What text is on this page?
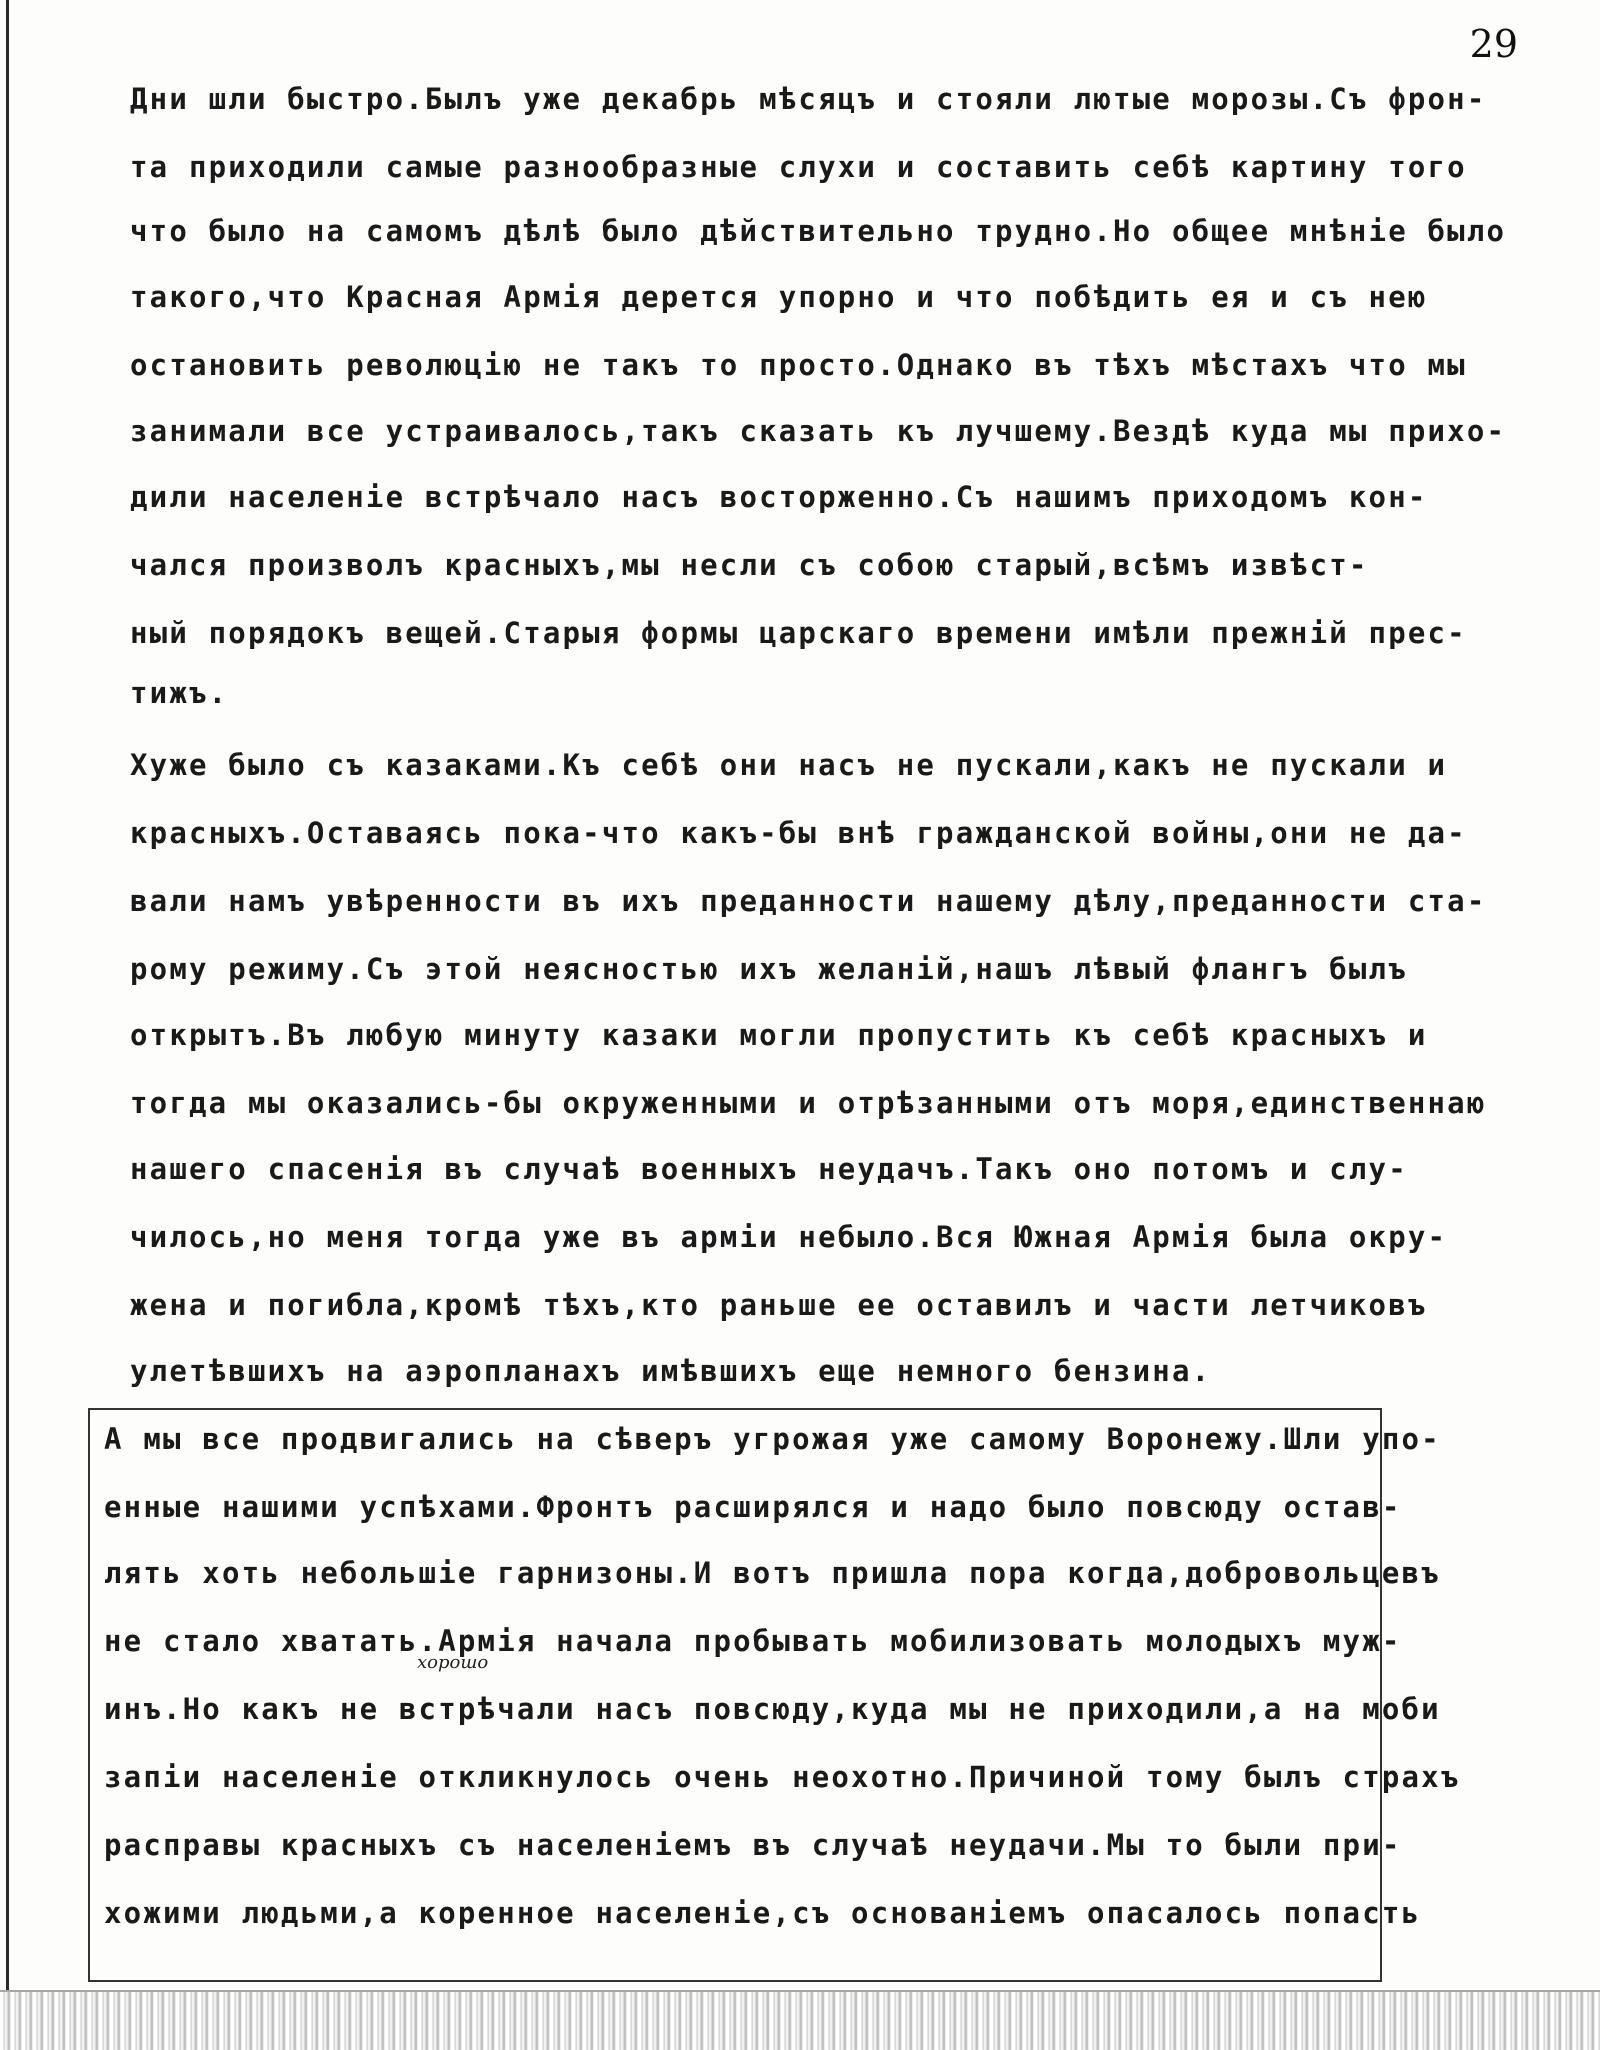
29
Дни шли быстро.Былъ уже декабрь мѣсяцъ и стояли лютые морозы.Съ фрон-
та приходили самые разнообразные слухи и составить себѣ картину того
что было на самомъ дѣлѣ было дѣйствительно трудно.Но общее мнѣніе было
такого,что Красная Армія дерется упорно и что побѣдить ея и съ нею
остановить революцію не такъ то просто.Однако въ тѣхъ мѣстахъ что мы
занимали все устраивалось,такъ сказать къ лучшему.Вездѣ куда мы прихо-
дили населеніе встрѣчало насъ восторженно.Съ нашимъ приходомъ кон-
чался произволъ красныхъ,мы несли съ собою старый,всѣмъ извѣст-
ный порядокъ вещей.Старыя формы царскаго времени имѣли прежній прес-
тижъ.
Хуже было съ казаками.Къ себѣ они насъ не пускали,какъ не пускали и
красныхъ.Оставаясь пока-что какъ-бы внѣ гражданской войны,они не да-
вали намъ увѣренности въ ихъ преданности нашему дѣлу,преданности ста-
рому режиму.Съ этой неясностью ихъ желаній,нашъ лѣвый флангъ былъ
открытъ.Въ любую минуту казаки могли пропустить къ себѣ красныхъ и
тогда мы оказались-бы окруженными и отрѣзанными отъ моря,единственнаю
нашего спасенія въ случаѣ военныхъ неудачъ.Такъ оно потомъ и слу-
чилось,но меня тогда уже въ арміи небыло.Вся Южная Армія была окру-
жена и погибла,кромѣ тѣхъ,кто раньше ее оставилъ и части летчиковъ
улетѣвшихъ на аэропланахъ имѣвшихъ еще немного бензина.
А мы все продвигались на сѣверъ угрожая уже самому Воронежу.Шли упо-
енные нашими успѣхами.Фронтъ расширялся и надо было повсюду остав-
лять хоть небольшіе гарнизоны.И вотъ пришла пора когда,добровольцевъ
не стало хватать.Армія начала пробывать мобилизовать молодыхъ муж-
инъ.Но какъ не встрѣчали насъ повсюду,куда мы не приходили,а на моби
запіи населеніе откликнулось очень неохотно.Причиной тому былъ страхъ
расправы красныхъ съ населеніемъ въ случаѣ неудачи.Мы то были при-
хожими людьми,а коренное населеніе,съ основаніемъ опасалось попасть
хорошо
